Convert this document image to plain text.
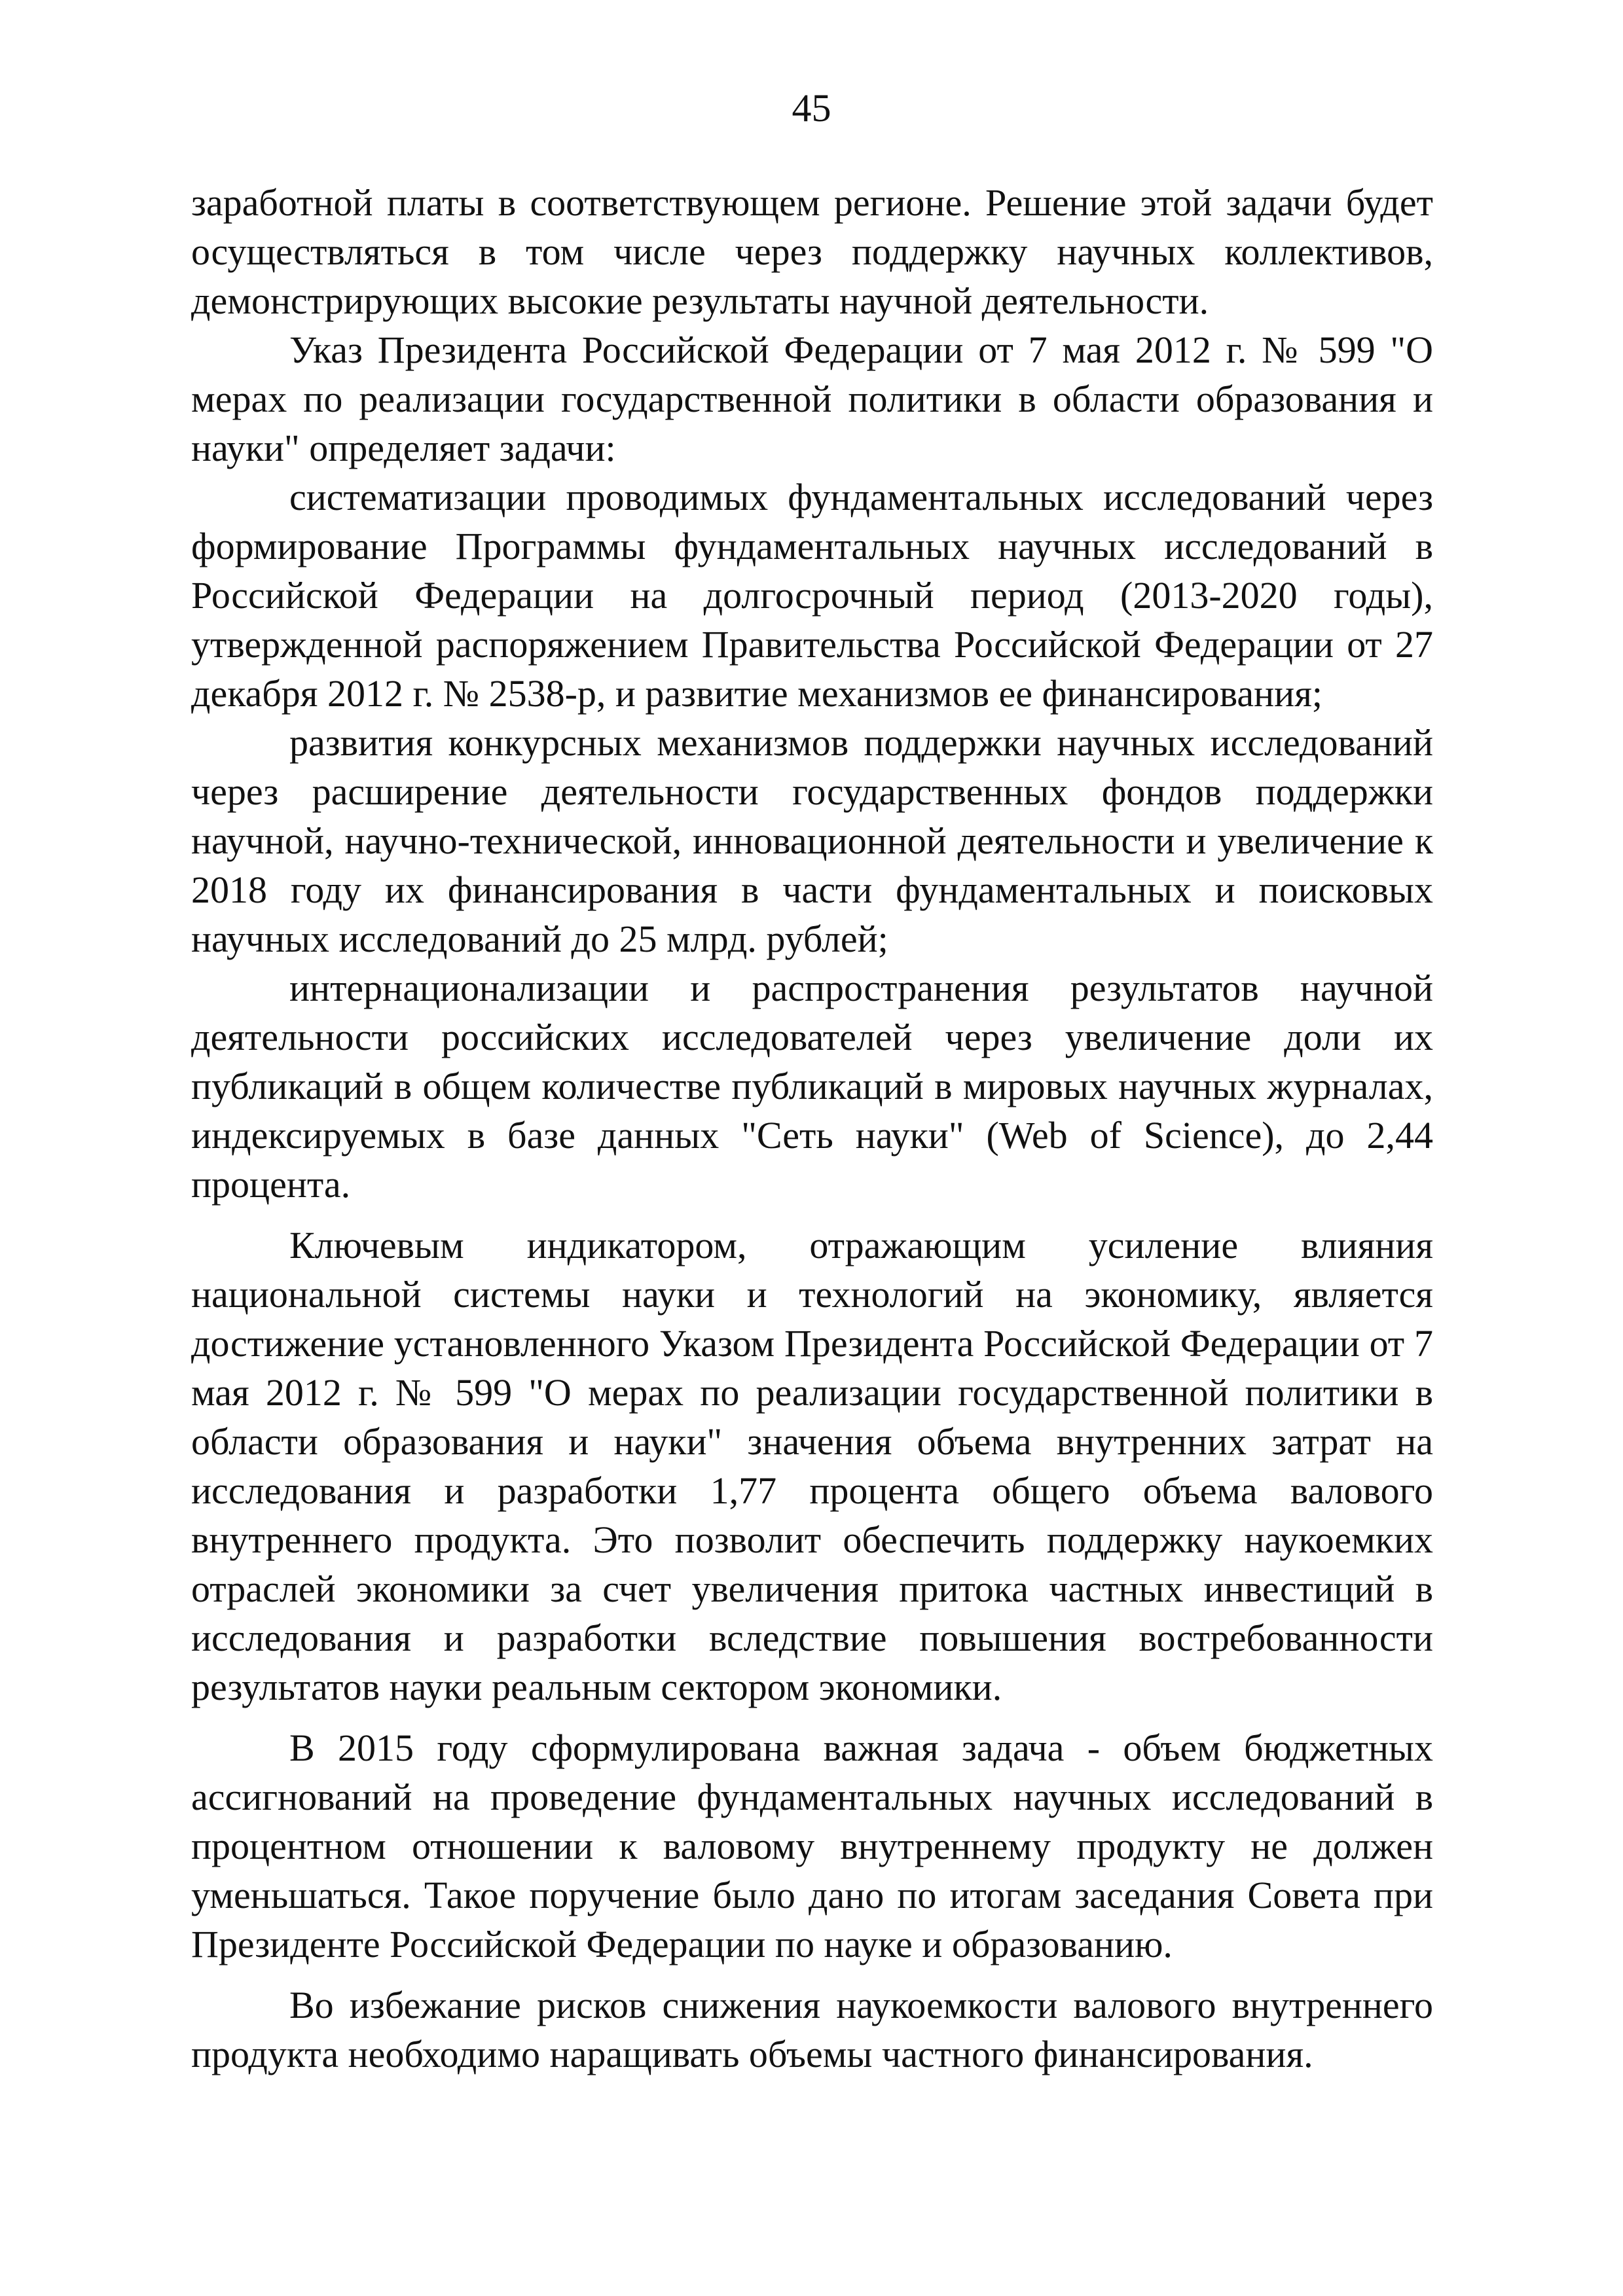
45

заработной платы в соответствующем регионе. Решение этой задачи будет осуществляться в том числе через поддержку научных коллективов, демонстрирующих высокие результаты научной деятельности.

Указ Президента Российской Федерации от 7 мая 2012 г. № 599 "О мерах по реализации государственной политики в области образования и науки" определяет задачи:

систематизации проводимых фундаментальных исследований через формирование Программы фундаментальных научных исследований в Российской Федерации на долгосрочный период (2013-2020 годы), утвержденной распоряжением Правительства Российской Федерации от 27 декабря 2012 г. № 2538-р, и развитие механизмов ее финансирования;

развития конкурсных механизмов поддержки научных исследований через расширение деятельности государственных фондов поддержки научной, научно-технической, инновационной деятельности и увеличение к 2018 году их финансирования в части фундаментальных и поисковых научных исследований до 25 млрд. рублей;

интернационализации и распространения результатов научной деятельности российских исследователей через увеличение доли их публикаций в общем количестве публикаций в мировых научных журналах, индексируемых в базе данных "Сеть науки" (Web of Science), до 2,44 процента.

Ключевым индикатором, отражающим усиление влияния национальной системы науки и технологий на экономику, является достижение установленного Указом Президента Российской Федерации от 7 мая 2012 г. № 599 "О мерах по реализации государственной политики в области образования и науки" значения объема внутренних затрат на исследования и разработки 1,77 процента общего объема валового внутреннего продукта. Это позволит обеспечить поддержку наукоемких отраслей экономики за счет увеличения притока частных инвестиций в исследования и разработки вследствие повышения востребованности результатов науки реальным сектором экономики.

В 2015 году сформулирована важная задача - объем бюджетных ассигнований на проведение фундаментальных научных исследований в процентном отношении к валовому внутреннему продукту не должен уменьшаться. Такое поручение было дано по итогам заседания Совета при Президенте Российской Федерации по науке и образованию.

Во избежание рисков снижения наукоемкости валового внутреннего продукта необходимо наращивать объемы частного финансирования.
